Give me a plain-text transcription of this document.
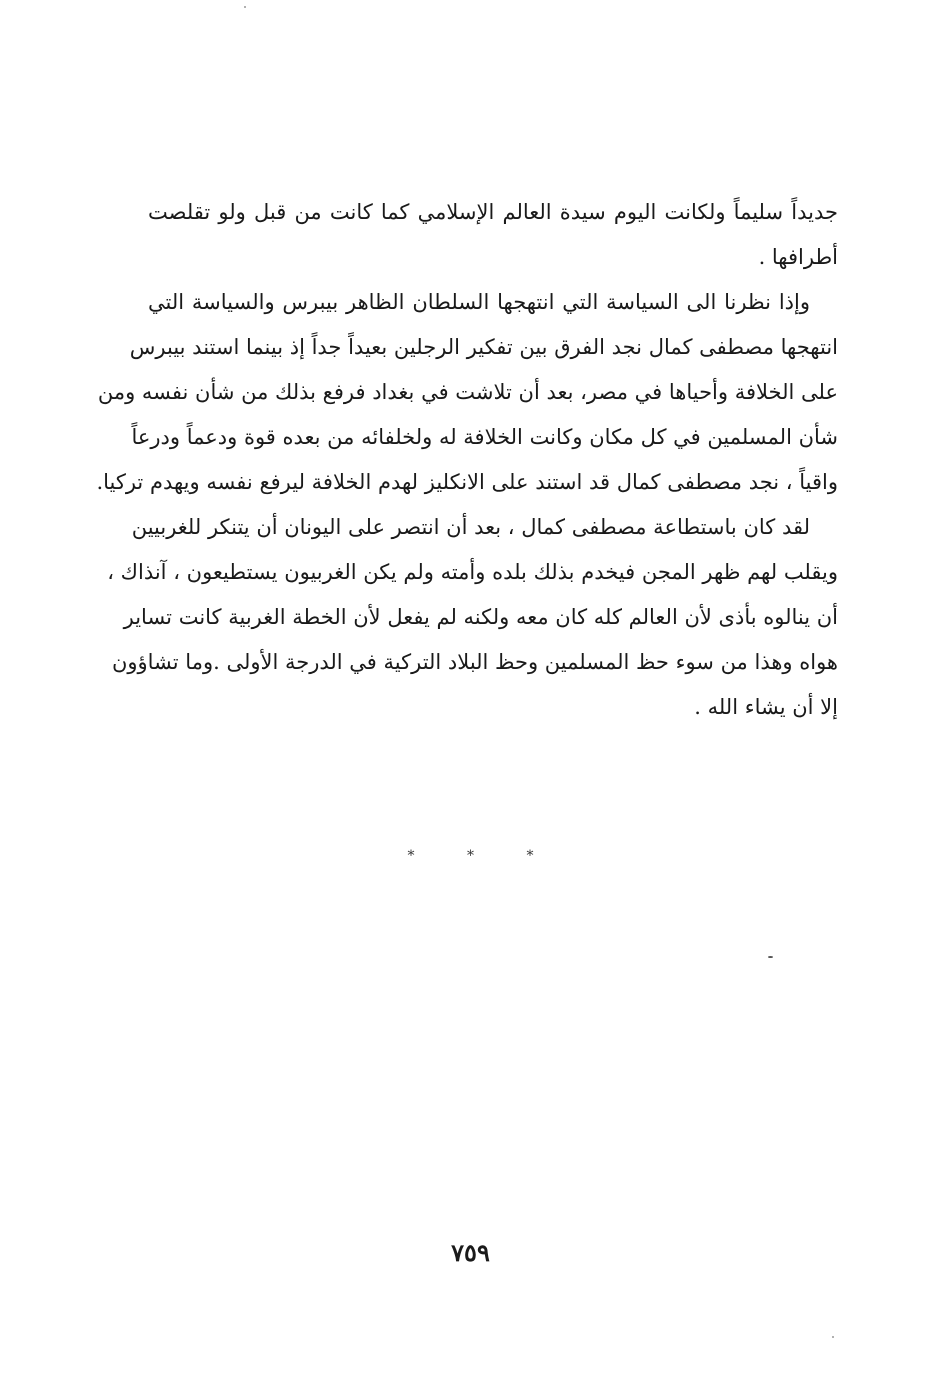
جديداً سليماً ولكانت اليوم سيدة العالم الإسلامي كما كانت من قبل ولو تقلصت
أطرافها .
وإذا نظرنا الى السياسة التي انتهجها السلطان الظاهر بيبرس والسياسة التي
انتهجها مصطفى كمال نجد الفرق بين تفكير الرجلين بعيداً جداً إذ بينما استند بيبرس
على الخلافة وأحياها في مصر، بعد أن تلاشت في بغداد فرفع بذلك من شأن نفسه ومن
شأن المسلمين في كل مكان وكانت الخلافة له ولخلفائه من بعده قوة ودعماً ودرعاً
واقياً ، نجد مصطفى كمال قد استند على الانكليز لهدم الخلافة ليرفع نفسه ويهدم تركيا.
لقد كان باستطاعة مصطفى كمال ، بعد أن انتصر على اليونان أن يتنكر للغربيين
ويقلب لهم ظهر المجن فيخدم بذلك بلده وأمته ولم يكن الغربيون يستطيعون ، آنذاك ،
أن ينالوه بأذى لأن العالم كله كان معه ولكنه لم يفعل لأن الخطة الغربية كانت تساير
هواه وهذا من سوء حظ المسلمين وحظ البلاد التركية في الدرجة الأولى .وما تشاؤون
إلا أن يشاء الله .
*	*	*
٧٥٩
